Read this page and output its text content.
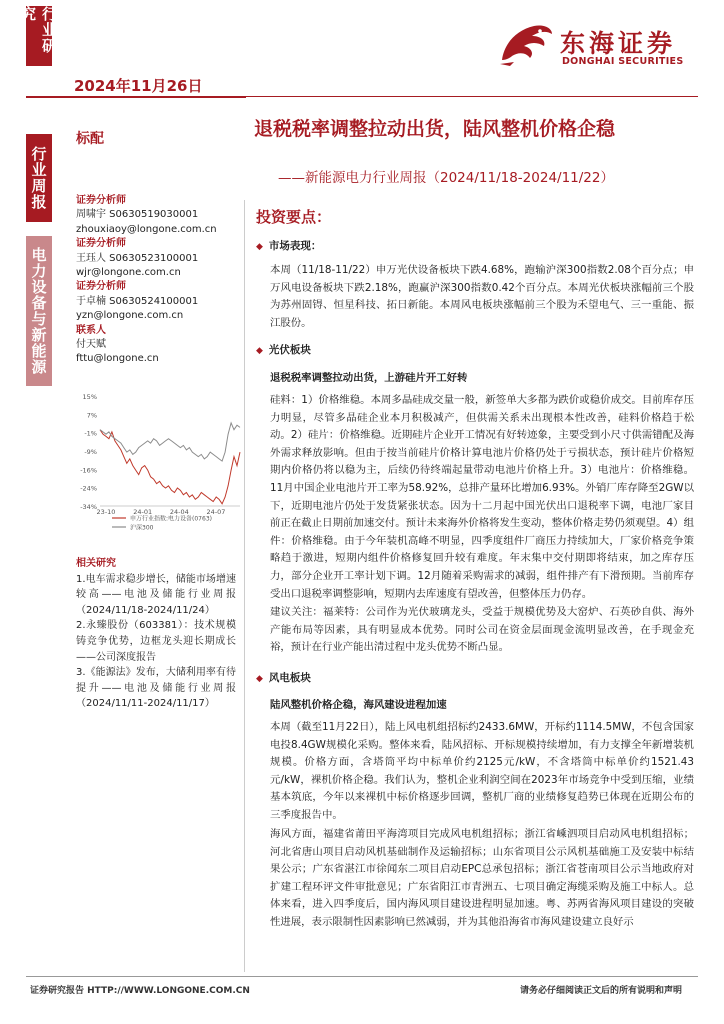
行业研究
行业周报
电力设备与新能源
2024年11月26日
东海证券
DONGHAI SECURITIES
标配	退税税率调整拉动出货，陆风整机价格企稳
——新能源电力行业周报（2024/11/18-2024/11/22）
证券分析师
周啸宇 S0630519030001
zhouxiaoy@longone.com.cn
证券分析师
王珏人 S0630523100001
wjr@longone.com.cn
证券分析师
于卓楠 S0630524100001
yzn@longone.com.cn
联系人
付天赋
fttu@longone.cn
15%
7%
-1%
-9%
-16%
-24%
-34%
23-10	24-01	24-04	24-07
申万行业指数:电力设备(0763)
沪深300
相关研究
1.电车需求稳步增长，储能市场增速较高——电池及储能行业周报（2024/11/18-2024/11/24）
2.永臻股份（603381）：技术规模铸竞争优势，边框龙头迎长期成长——公司深度报告
3.《能源法》发布，大储利用率有待提升——电池及储能行业周报（2024/11/11-2024/11/17）
投资要点：
◆ 市场表现：
本周（11/18-11/22）申万光伏设备板块下跌4.68%，跑输沪深300指数2.08个百分点；申万风电设备板块下跌2.18%，跑赢沪深300指数0.42个百分点。本周光伏板块涨幅前三个股为苏州固锝、恒星科技、拓日新能。本周风电板块涨幅前三个股为禾望电气、三一重能、振江股份。
◆ 光伏板块
退税税率调整拉动出货，上游硅片开工好转
硅料：1）价格维稳。本周多晶硅成交量一般，新签单大多都为跌价或稳价成交。目前库存压力明显，尽管多晶硅企业本月积极减产，但供需关系未出现根本性改善，硅料价格趋于松动。2）硅片：价格维稳。近期硅片企业开工情况有好转迹象，主要受到小尺寸供需错配及海外需求释放影响。但由于按当前硅片价格计算电池片价格仍处于亏损状态，预计硅片价格短期内价格仍将以稳为主，后续仍待终端起量带动电池片价格上升。3）电池片：价格维稳。11月中国企业电池片开工率为58.92%，总排产量环比增加6.93%。外销厂库存降至2GW以下，近期电池片仍处于发货紧张状态。因为十二月起中国光伏出口退税率下调，电池厂家目前正在截止日期前加速交付。预计未来海外价格将发生变动，整体价格走势仍须观望。4）组件：价格维稳。由于今年装机高峰不明显，四季度组件厂商压力持续加大，厂家价格竞争策略趋于激进，短期内组件价格修复回升较有难度。年末集中交付期即将结束，加之库存压力，部分企业开工率计划下调。12月随着采购需求的减弱，组件排产有下滑预期。当前库存受出口退税率调整影响，短期内去库速度有望改善，但整体压力仍存。
建议关注：福莱特：公司作为光伏玻璃龙头，受益于规模优势及大窑炉、石英砂自供、海外产能布局等因素，具有明显成本优势。同时公司在资金层面现金流明显改善，在手现金充裕，预计在行业产能出清过程中龙头优势不断凸显。
◆ 风电板块
陆风整机价格企稳，海风建设进程加速
本周（截至11月22日），陆上风电机组招标约2433.6MW，开标约1114.5MW，不包含国家电投8.4GW规模化采购。整体来看，陆风招标、开标规模持续增加，有力支撑全年新增装机规模。价格方面，含塔筒平均中标单价约2125元/kW，不含塔筒中标单价约1521.43元/kW，裸机价格企稳。我们认为，整机企业利润空间在2023年市场竞争中受到压缩，业绩基本筑底，今年以来裸机中标价格逐步回调，整机厂商的业绩修复趋势已体现在近期公布的三季度报告中。
海风方面，福建省莆田平海湾项目完成风电机组招标；浙江省嵊泗项目启动风电机组招标；河北省唐山项目启动风机基础制作及运输招标；山东省项目公示风机基础施工及安装中标结果公示；广东省湛江市徐闻东二项目启动EPC总承包招标；浙江省苍南项目公示当地政府对扩建工程环评文件审批意见；广东省阳江市青洲五、七项目确定海缆采购及施工中标人。总体来看，进入四季度后，国内海风项目建设进程明显加速。粤、苏两省海风项目建设的突破性进展，表示限制性因素影响已然减弱，并为其他沿海省市海风建设建立良好示
证券研究报告 HTTP://WWW.LONGONE.COM.CN	请务必仔细阅读正文后的所有说明和声明
